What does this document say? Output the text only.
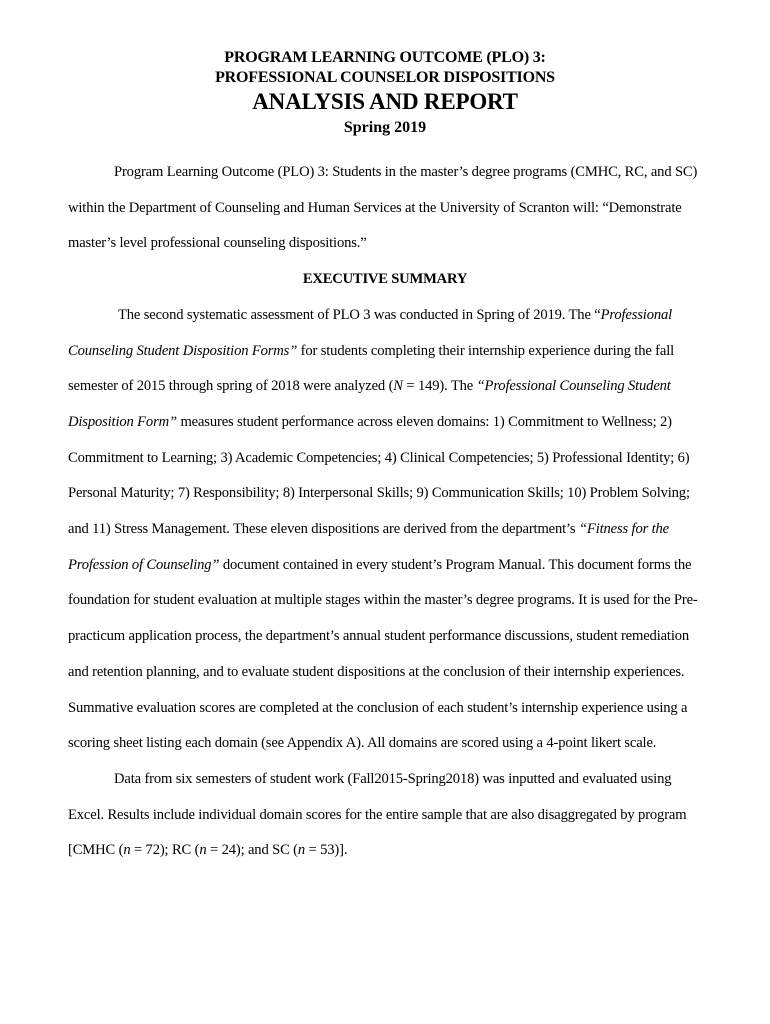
PROGRAM LEARNING OUTCOME (PLO) 3:
PROFESSIONAL COUNSELOR DISPOSITIONS
ANALYSIS AND REPORT
Spring 2019

Program Learning Outcome (PLO) 3: Students in the master’s degree programs (CMHC, RC, and SC) within the Department of Counseling and Human Services at the University of Scranton will: “Demonstrate master’s level professional counseling dispositions.”

EXECUTIVE SUMMARY

The second systematic assessment of PLO 3 was conducted in Spring of 2019. The “Professional Counseling Student Disposition Forms” for students completing their internship experience during the fall semester of 2015 through spring of 2018 were analyzed (N = 149). The “Professional Counseling Student Disposition Form” measures student performance across eleven domains: 1) Commitment to Wellness; 2) Commitment to Learning; 3) Academic Competencies; 4) Clinical Competencies; 5) Professional Identity; 6) Personal Maturity; 7) Responsibility; 8) Interpersonal Skills; 9) Communication Skills; 10) Problem Solving; and 11) Stress Management. These eleven dispositions are derived from the department’s “Fitness for the Profession of Counseling” document contained in every student’s Program Manual. This document forms the foundation for student evaluation at multiple stages within the master’s degree programs. It is used for the Pre-practicum application process, the department’s annual student performance discussions, student remediation and retention planning, and to evaluate student dispositions at the conclusion of their internship experiences. Summative evaluation scores are completed at the conclusion of each student’s internship experience using a scoring sheet listing each domain (see Appendix A). All domains are scored using a 4-point likert scale.

Data from six semesters of student work (Fall2015-Spring2018) was inputted and evaluated using Excel. Results include individual domain scores for the entire sample that are also disaggregated by program [CMHC (n = 72); RC (n = 24); and SC (n = 53)].
